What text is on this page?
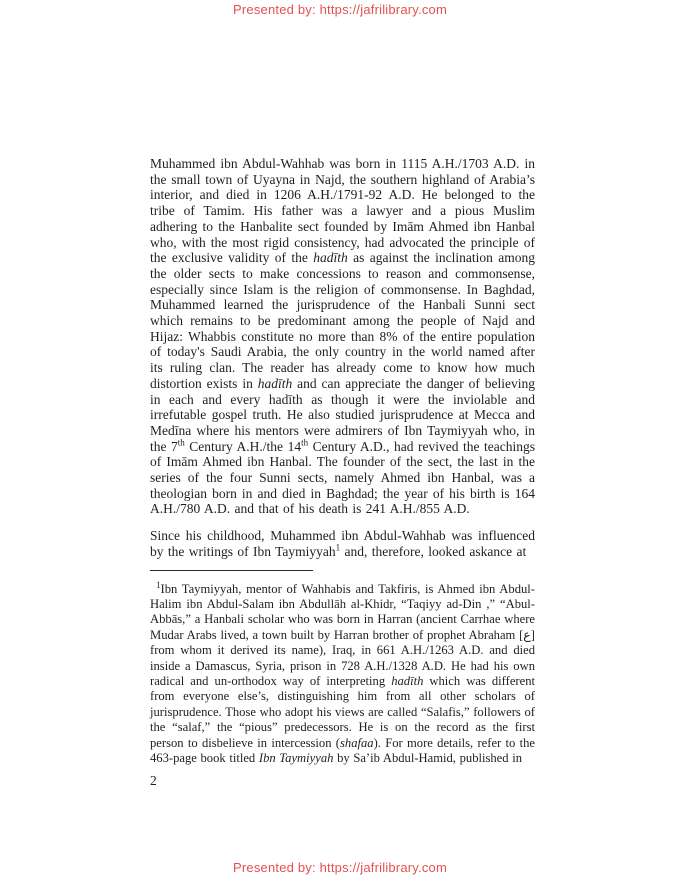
Presented by: https://jafrilibrary.com

Muhammed ibn Abdul-Wahhab was born in 1115 A.H./1703 A.D. in the small town of Uyayna in Najd, the southern highland of Arabia’s interior, and died in 1206 A.H./1791-92 A.D. He belonged to the tribe of Tamim. His father was a lawyer and a pious Muslim adhering to the Hanbalite sect founded by Imām Ahmed ibn Hanbal who, with the most rigid consistency, had advocated the principle of the exclusive validity of the hadīth as against the inclination among the older sects to make concessions to reason and commonsense, especially since Islam is the religion of commonsense. In Baghdad, Muhammed learned the jurisprudence of the Hanbali Sunni sect which remains to be predominant among the people of Najd and Hijaz: Whabbis constitute no more than 8% of the entire population of today's Saudi Arabia, the only country in the world named after its ruling clan. The reader has already come to know how much distortion exists in hadīth and can appreciate the danger of believing in each and every hadīth as though it were the inviolable and irrefutable gospel truth. He also studied jurisprudence at Mecca and Medīna where his mentors were admirers of Ibn Taymiyyah who, in the 7th Century A.H./the 14th Century A.D., had revived the teachings of Imām Ahmed ibn Hanbal. The founder of the sect, the last in the series of the four Sunni sects, namely Ahmed ibn Hanbal, was a theologian born in and died in Baghdad; the year of his birth is 164 A.H./780 A.D. and that of his death is 241 A.H./855 A.D.

Since his childhood, Muhammed ibn Abdul-Wahhab was influenced by the writings of Ibn Taymiyyah$^1$ and, therefore, looked askance at

$^1$Ibn Taymiyyah, mentor of Wahhabis and Takfiris, is Ahmed ibn Abdul-Halim ibn Abdul-Salam ibn Abdullāh al-Khidr, “Taqiyy ad-Din ,” “Abul-Abbās,” a Hanbali scholar who was born in Harran (ancient Carrhae where Mudar Arabs lived, a town built by Harran brother of prophet Abraham [ع] from whom it derived its name), Iraq, in 661 A.H./1263 A.D. and died inside a Damascus, Syria, prison in 728 A.H./1328 A.D. He had his own radical and un-orthodox way of interpreting hadīth which was different from everyone else’s, distinguishing him from all other scholars of jurisprudence. Those who adopt his views are called “Salafis,” followers of the “salaf,” the “pious” predecessors. He is on the record as the first person to disbelieve in intercession (shafaa). For more details, refer to the 463-page book titled Ibn Taymiyyah by Sa’ib Abdul-Hamid, published in

2
Presented by: https://jafrilibrary.com
